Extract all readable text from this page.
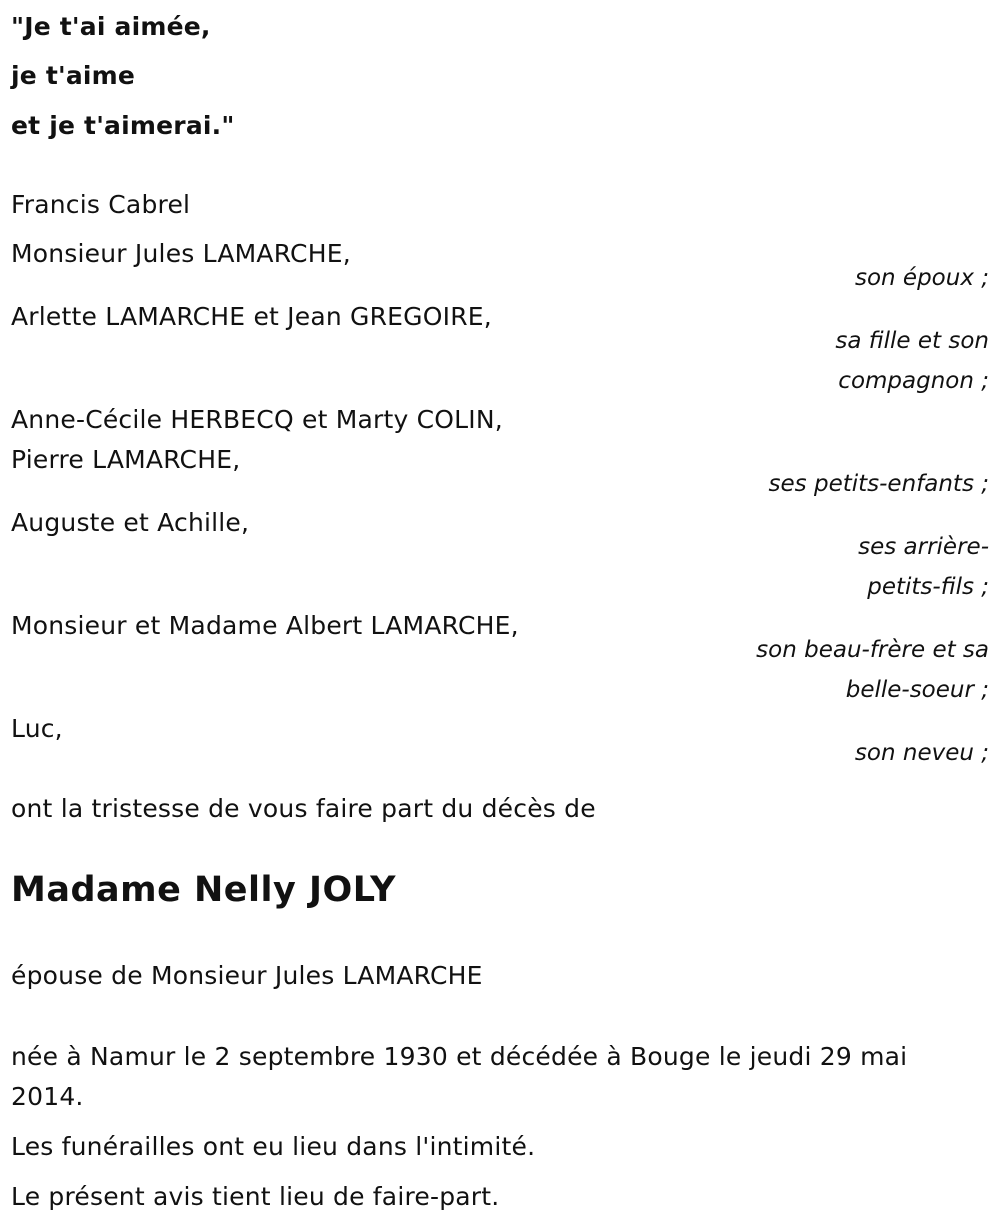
"Je t'ai aimée,
je t'aime
et je t'aimerai."
Francis Cabrel
Monsieur Jules LAMARCHE,
son époux ;
Arlette LAMARCHE et Jean GREGOIRE,
sa fille et son
compagnon ;
Anne-Cécile HERBECQ et Marty COLIN,
Pierre LAMARCHE,
ses petits-enfants ;
Auguste et Achille,
ses arrière-
petits-fils ;
Monsieur et Madame Albert LAMARCHE,
son beau-frère et sa
belle-soeur ;
Luc,
son neveu ;
ont la tristesse de vous faire part du décès de
Madame Nelly JOLY
épouse de Monsieur Jules LAMARCHE
née à Namur le 2 septembre 1930 et décédée à Bouge le jeudi 29 mai
2014.
Les funérailles ont eu lieu dans l'intimité.
Le présent avis tient lieu de faire-part.
